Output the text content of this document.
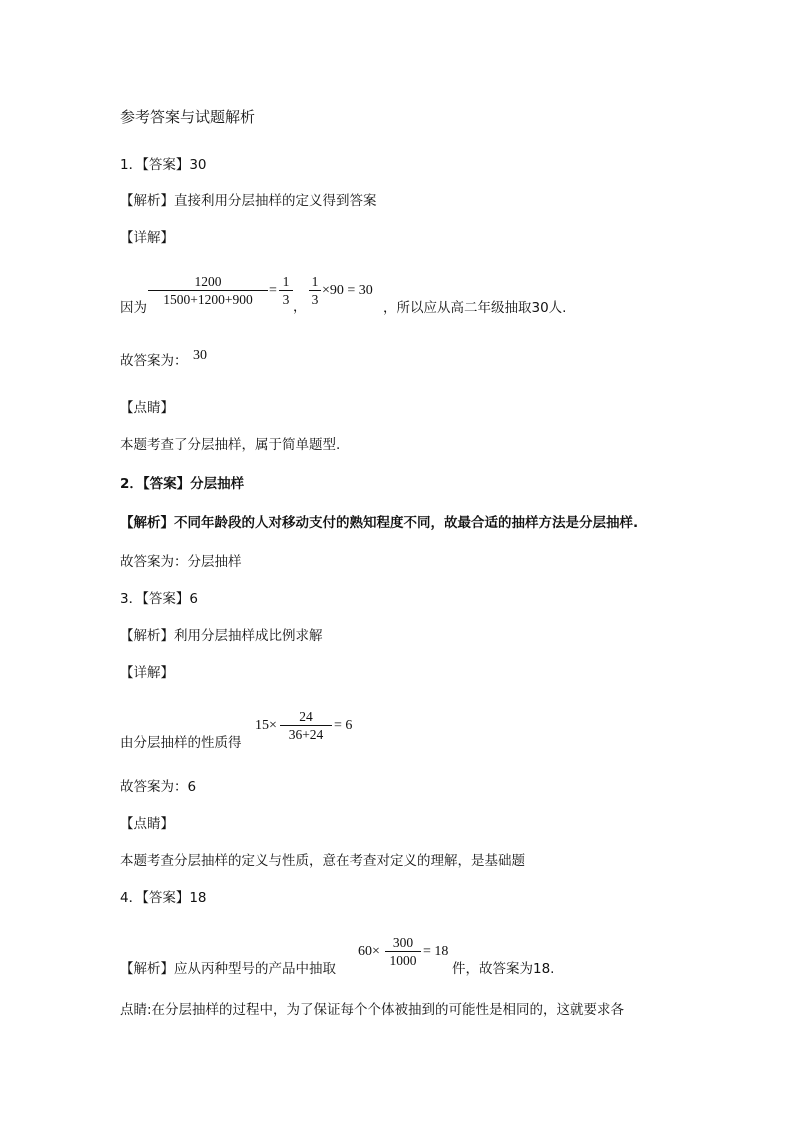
参考答案与试题解析
1．【答案】30
【解析】直接利用分层抽样的定义得到答案
【详解】
因为
1200
1500+1200+900
=
1
3 ，
1
3
×90 = 30
，所以应从高二年级抽取30人.
故答案为： 30
【点睛】
本题考查了分层抽样，属于简单题型.
2．【答案】分层抽样
【解析】不同年龄段的人对移动支付的熟知程度不同，故最合适的抽样方法是分层抽样.
故答案为：分层抽样
3．【答案】6
【解析】利用分层抽样成比例求解
【详解】
由分层抽样的性质得
15×
24
36+24
= 6
故答案为：6
【点睛】
本题考查分层抽样的定义与性质，意在考查对定义的理解，是基础题
4．【答案】18
【解析】应从丙种型号的产品中抽取
60×
300
1000
= 18
件，故答案为18.
点睛:在分层抽样的过程中，为了保证每个个体被抽到的可能性是相同的，这就要求各
